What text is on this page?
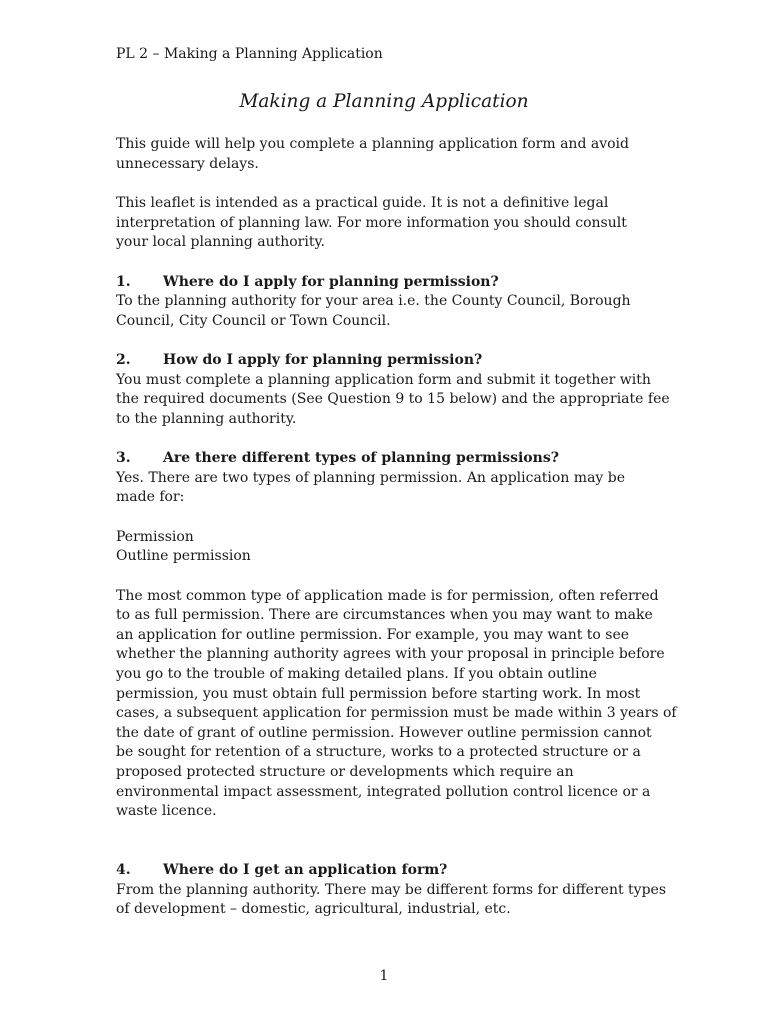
PL 2 – Making a Planning Application
Making a Planning Application
This guide will help you complete a planning application form and avoid
unnecessary delays.
This leaflet is intended as a practical guide. It is not a definitive legal
interpretation of planning law. For more information you should consult
your local planning authority.
1. Where do I apply for planning permission?
To the planning authority for your area i.e. the County Council, Borough
Council, City Council or Town Council.
2. How do I apply for planning permission?
You must complete a planning application form and submit it together with
the required documents (See Question 9 to 15 below) and the appropriate fee
to the planning authority.
3. Are there different types of planning permissions?
Yes. There are two types of planning permission. An application may be
made for:
Permission
Outline permission
The most common type of application made is for permission, often referred
to as full permission. There are circumstances when you may want to make
an application for outline permission. For example, you may want to see
whether the planning authority agrees with your proposal in principle before
you go to the trouble of making detailed plans. If you obtain outline
permission, you must obtain full permission before starting work. In most
cases, a subsequent application for permission must be made within 3 years of
the date of grant of outline permission. However outline permission cannot
be sought for retention of a structure, works to a protected structure or a
proposed protected structure or developments which require an
environmental impact assessment, integrated pollution control licence or a
waste licence.
4. Where do I get an application form?
From the planning authority. There may be different forms for different types
of development – domestic, agricultural, industrial, etc.
1
